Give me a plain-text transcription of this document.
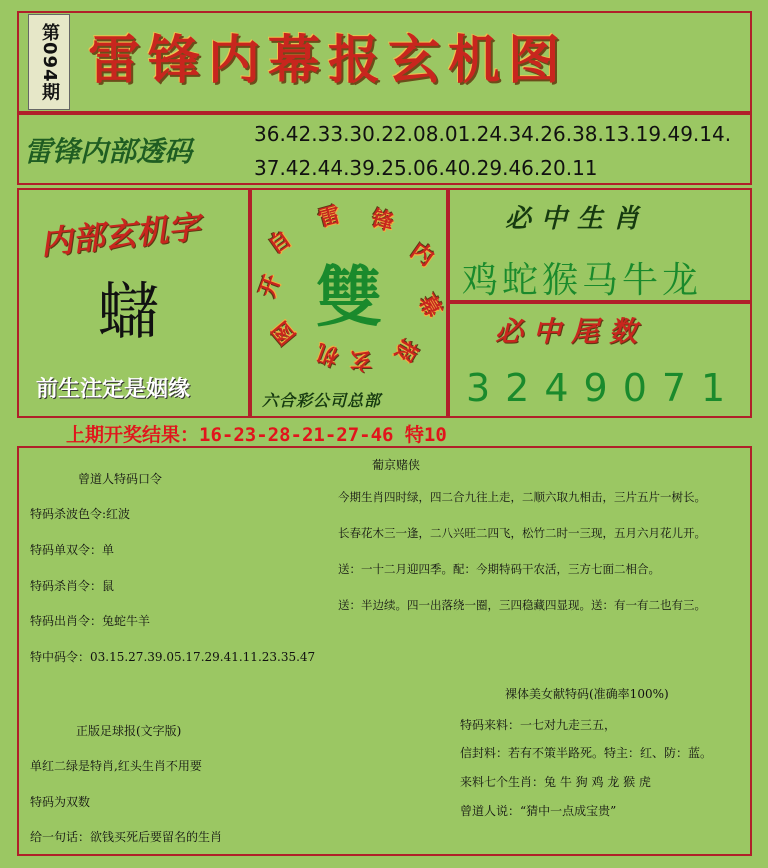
第094期 雷锋内幕报玄机图
雷锋内部透码
36.42.33.30.22.08.01.24.34.26.38.13.19.49.14.
37.42.44.39.25.06.40.29.46.20.11
内部玄机字
蠩
前生注定是姻缘
自
雷 锋
内
幕
报
玄
机
图
开 雙
六合彩公司总部
必中生肖
鸡蛇猴马牛龙
必中尾数
3249071
上期开奖结果：16-23-28-21-27-46 特10
曾道人特码口令
特码杀波色令:红波
特码单双令：单
特码杀肖令：鼠
特码出肖令：兔蛇牛羊
特中码令：03.15.27.39.05.17.29.41.11.23.35.47
正版足球报(文字版)
单红二绿是特肖,红头生肖不用要
特码为双数
给一句话：欲钱买死后要留名的生肖
葡京赌侠
今期生肖四时绿，四二合九往上走，二顺六取九相击，三片五片一树长。
长春花木三一逢，二八兴旺二四飞，松竹二时一三现，五月六月花儿开。
送：一十二月迎四季。配：今期特码干农活，三方七面二相合。
送：半边续。四一出落绕一圈，三四稳藏四显现。送：有一有二也有三。
裸体美女献特码(准确率100%)
特码来料：一七对九走三五，
信封料：若有不策半路死。特主：红、防：蓝。
来料七个生肖：兔 牛 狗 鸡 龙 猴 虎
曾道人说：“猜中一点成宝贵”
